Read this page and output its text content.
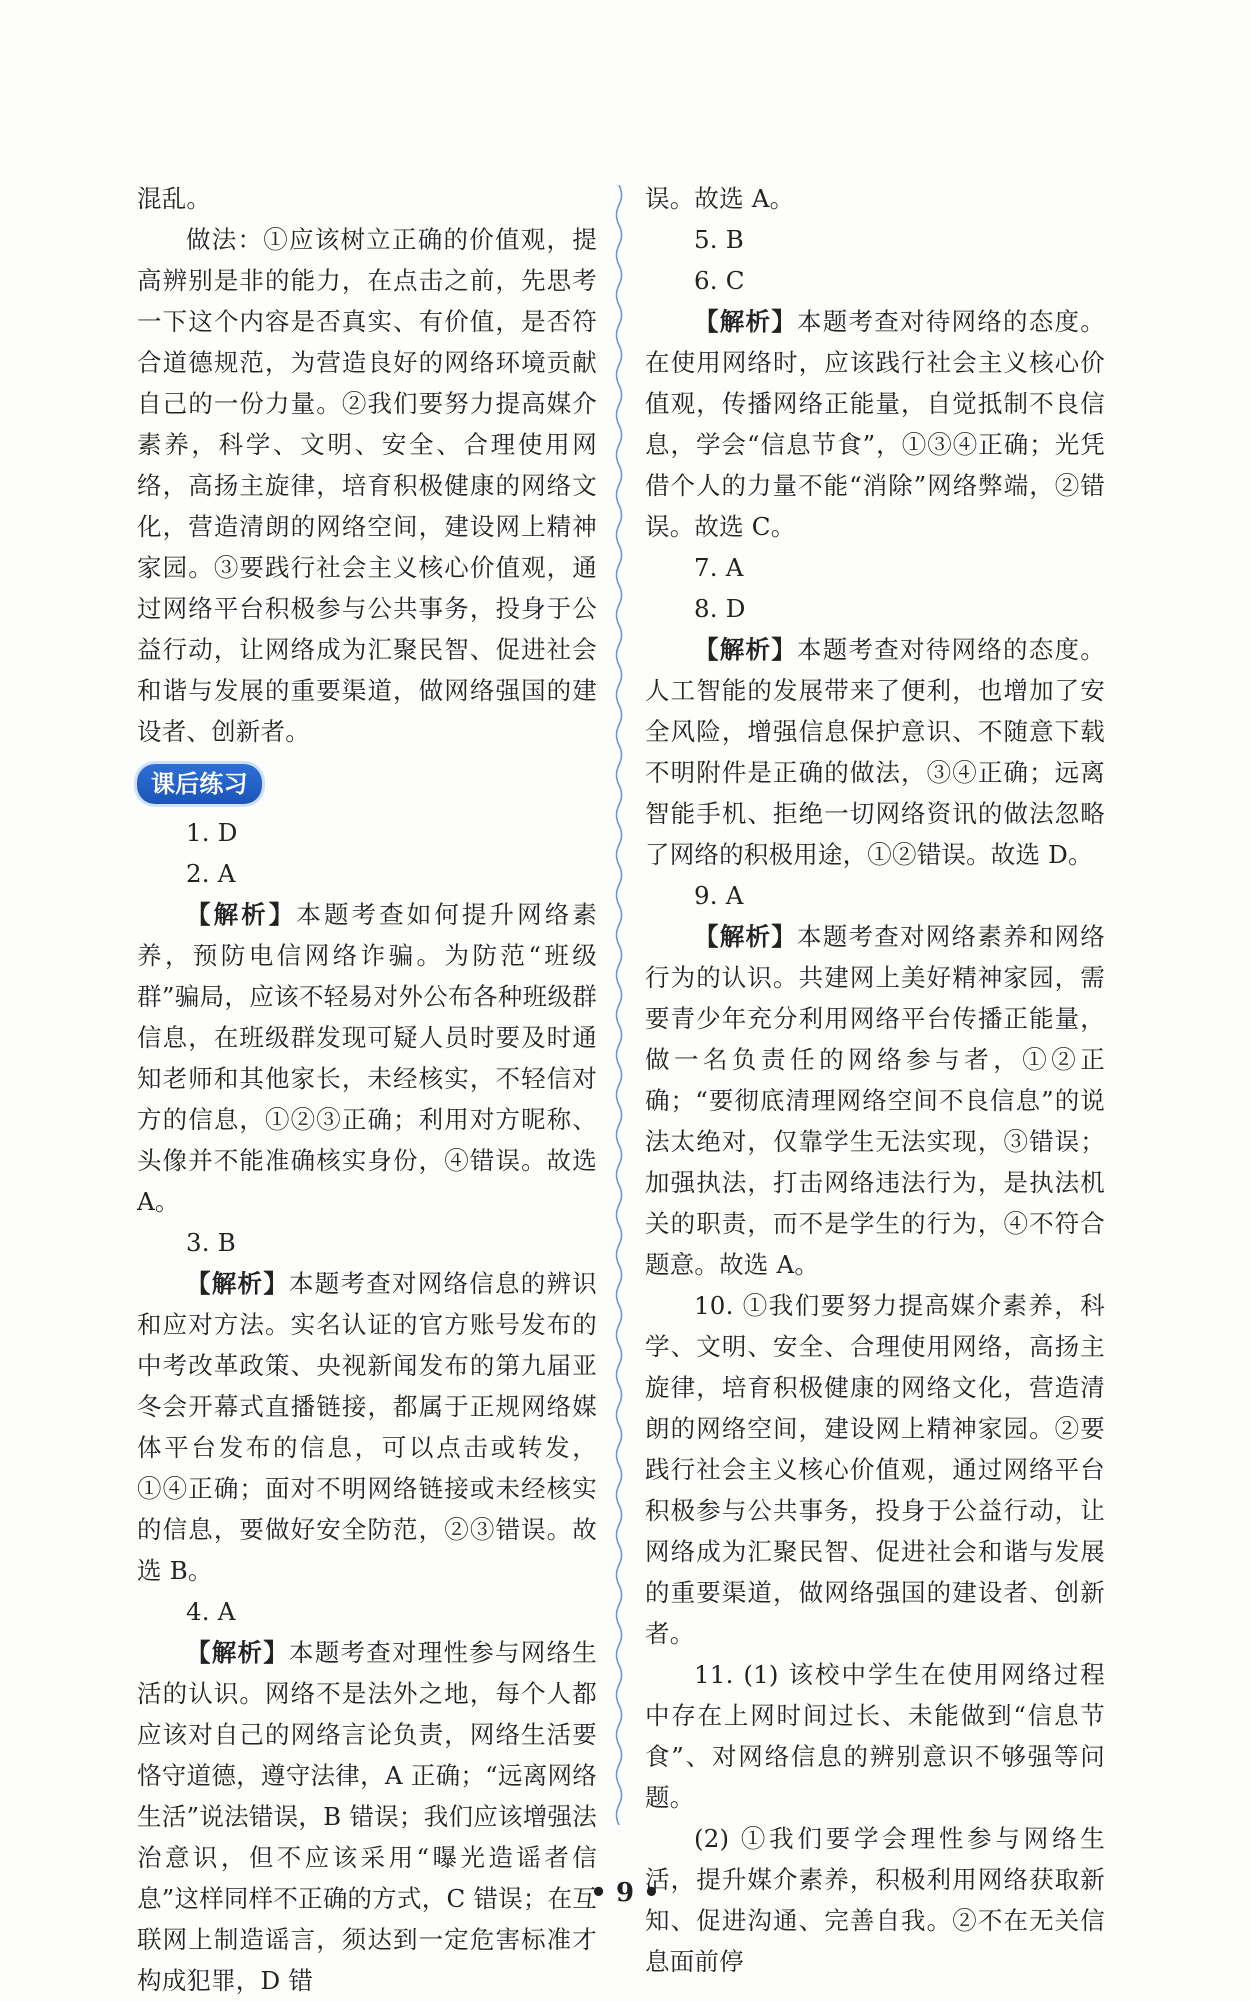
混乱。

做法：①应该树立正确的价值观，提高辨别是非的能力，在点击之前，先思考一下这个内容是否真实、有价值，是否符合道德规范，为营造良好的网络环境贡献自己的一份力量。②我们要努力提高媒介素养，科学、文明、安全、合理使用网络，高扬主旋律，培育积极健康的网络文化，营造清朗的网络空间，建设网上精神家园。③要践行社会主义核心价值观，通过网络平台积极参与公共事务，投身于公益行动，让网络成为汇聚民智、促进社会和谐与发展的重要渠道，做网络强国的建设者、创新者。

课后练习

1. D

2. A

【解析】本题考查如何提升网络素养，预防电信网络诈骗。为防范“班级群”骗局，应该不轻易对外公布各种班级群信息，在班级群发现可疑人员时要及时通知老师和其他家长，未经核实，不轻信对方的信息，①②③正确；利用对方昵称、头像并不能准确核实身份，④错误。故选 A。

3. B

【解析】本题考查对网络信息的辨识和应对方法。实名认证的官方账号发布的中考改革政策、央视新闻发布的第九届亚冬会开幕式直播链接，都属于正规网络媒体平台发布的信息，可以点击或转发，①④正确；面对不明网络链接或未经核实的信息，要做好安全防范，②③错误。故选 B。

4. A

【解析】本题考查对理性参与网络生活的认识。网络不是法外之地，每个人都应该对自己的网络言论负责，网络生活要恪守道德，遵守法律，A 正确；“远离网络生活”说法错误，B 错误；我们应该增强法治意识，但不应该采用“曝光造谣者信息”这样同样不正确的方式，C 错误；在互联网上制造谣言，须达到一定危害标准才构成犯罪，D 错

误。故选 A。

5. B

6. C

【解析】本题考查对待网络的态度。在使用网络时，应该践行社会主义核心价值观，传播网络正能量，自觉抵制不良信息，学会“信息节食”，①③④正确；光凭借个人的力量不能“消除”网络弊端，②错误。故选 C。

7. A

8. D

【解析】本题考查对待网络的态度。人工智能的发展带来了便利，也增加了安全风险，增强信息保护意识、不随意下载不明附件是正确的做法，③④正确；远离智能手机、拒绝一切网络资讯的做法忽略了网络的积极用途，①②错误。故选 D。

9. A

【解析】本题考查对网络素养和网络行为的认识。共建网上美好精神家园，需要青少年充分利用网络平台传播正能量，做一名负责任的网络参与者，①②正确；“要彻底清理网络空间不良信息”的说法太绝对，仅靠学生无法实现，③错误；加强执法，打击网络违法行为，是执法机关的职责，而不是学生的行为，④不符合题意。故选 A。

10. ①我们要努力提高媒介素养，科学、文明、安全、合理使用网络，高扬主旋律，培育积极健康的网络文化，营造清朗的网络空间，建设网上精神家园。②要践行社会主义核心价值观，通过网络平台积极参与公共事务，投身于公益行动，让网络成为汇聚民智、促进社会和谐与发展的重要渠道，做网络强国的建设者、创新者。

11. (1) 该校中学生在使用网络过程中存在上网时间过长、未能做到“信息节食”、对网络信息的辨别意识不够强等问题。

(2) ①我们要学会理性参与网络生活，提升媒介素养，积极利用网络获取新知、促进沟通、完善自我。②不在无关信息面前停

• 9 •
